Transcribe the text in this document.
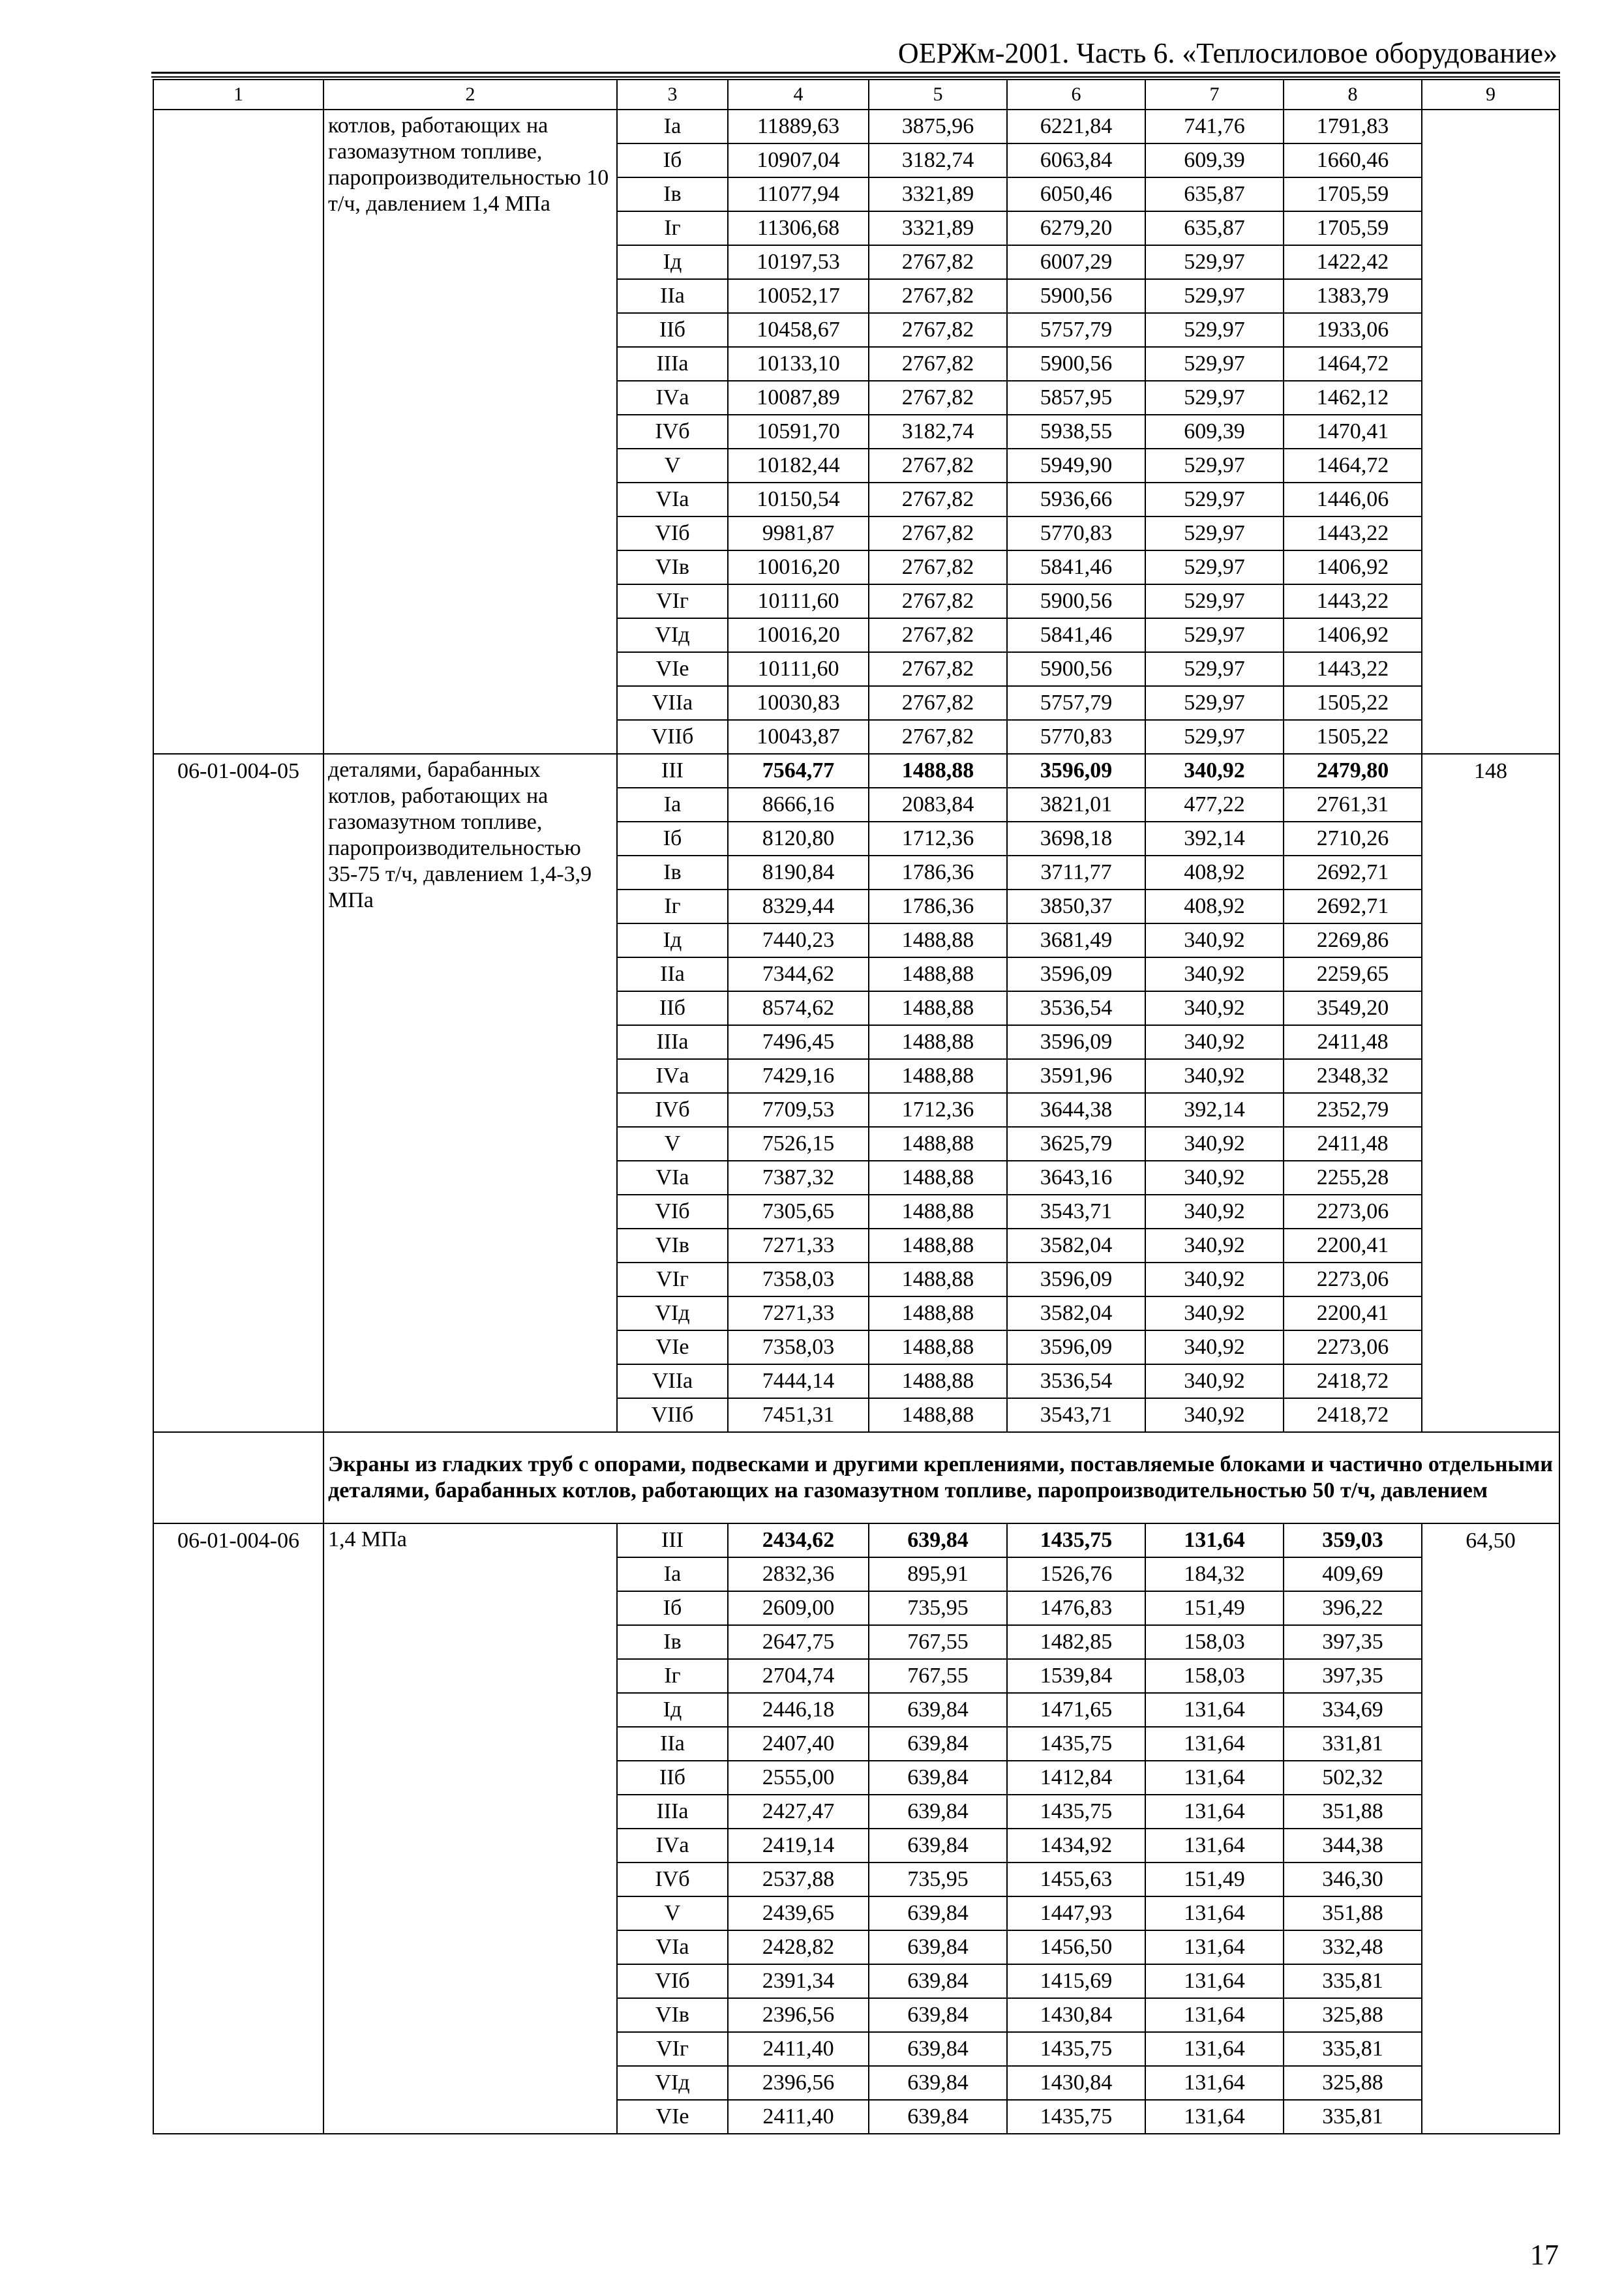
ОЕРЖм-2001. Часть 6. «Теплосиловое оборудование»
1	2	3	4	5	6	7	8	9
	котлов, работающих на газомазутном топливе, паропроизводительностью 10 т/ч, давлением 1,4 МПа	Iа	11889,63	3875,96	6221,84	741,76	1791,83	
		Iб	10907,04	3182,74	6063,84	609,39	1660,46	
		Iв	11077,94	3321,89	6050,46	635,87	1705,59	
		Iг	11306,68	3321,89	6279,20	635,87	1705,59	
		Iд	10197,53	2767,82	6007,29	529,97	1422,42	
		IIа	10052,17	2767,82	5900,56	529,97	1383,79	
		IIб	10458,67	2767,82	5757,79	529,97	1933,06	
		IIIа	10133,10	2767,82	5900,56	529,97	1464,72	
		IVа	10087,89	2767,82	5857,95	529,97	1462,12	
		IVб	10591,70	3182,74	5938,55	609,39	1470,41	
		V	10182,44	2767,82	5949,90	529,97	1464,72	
		VIа	10150,54	2767,82	5936,66	529,97	1446,06	
		VIб	9981,87	2767,82	5770,83	529,97	1443,22	
		VIв	10016,20	2767,82	5841,46	529,97	1406,92	
		VIг	10111,60	2767,82	5900,56	529,97	1443,22	
		VIд	10016,20	2767,82	5841,46	529,97	1406,92	
		VIе	10111,60	2767,82	5900,56	529,97	1443,22	
		VIIа	10030,83	2767,82	5757,79	529,97	1505,22	
		VIIб	10043,87	2767,82	5770,83	529,97	1505,22	
06-01-004-05	деталями, барабанных котлов, работающих на газомазутном топливе, паропроизводительностью 35-75 т/ч, давлением 1,4-3,9 МПа	III	7564,77	1488,88	3596,09	340,92	2479,80	148
		Iа	8666,16	2083,84	3821,01	477,22	2761,31	
		Iб	8120,80	1712,36	3698,18	392,14	2710,26	
		Iв	8190,84	1786,36	3711,77	408,92	2692,71	
		Iг	8329,44	1786,36	3850,37	408,92	2692,71	
		Iд	7440,23	1488,88	3681,49	340,92	2269,86	
		IIа	7344,62	1488,88	3596,09	340,92	2259,65	
		IIб	8574,62	1488,88	3536,54	340,92	3549,20	
		IIIа	7496,45	1488,88	3596,09	340,92	2411,48	
		IVа	7429,16	1488,88	3591,96	340,92	2348,32	
		IVб	7709,53	1712,36	3644,38	392,14	2352,79	
		V	7526,15	1488,88	3625,79	340,92	2411,48	
		VIа	7387,32	1488,88	3643,16	340,92	2255,28	
		VIб	7305,65	1488,88	3543,71	340,92	2273,06	
		VIв	7271,33	1488,88	3582,04	340,92	2200,41	
		VIг	7358,03	1488,88	3596,09	340,92	2273,06	
		VIд	7271,33	1488,88	3582,04	340,92	2200,41	
		VIе	7358,03	1488,88	3596,09	340,92	2273,06	
		VIIа	7444,14	1488,88	3536,54	340,92	2418,72	
		VIIб	7451,31	1488,88	3543,71	340,92	2418,72	
	Экраны из гладких труб с опорами, подвесками и другими креплениями, поставляемые блоками и частично отдельными деталями, барабанных котлов, работающих на газомазутном топливе, паропроизводительностью 50 т/ч, давлением							
06-01-004-06	1,4 МПа	III	2434,62	639,84	1435,75	131,64	359,03	64,50
		Iа	2832,36	895,91	1526,76	184,32	409,69	
		Iб	2609,00	735,95	1476,83	151,49	396,22	
		Iв	2647,75	767,55	1482,85	158,03	397,35	
		Iг	2704,74	767,55	1539,84	158,03	397,35	
		Iд	2446,18	639,84	1471,65	131,64	334,69	
		IIа	2407,40	639,84	1435,75	131,64	331,81	
		IIб	2555,00	639,84	1412,84	131,64	502,32	
		IIIа	2427,47	639,84	1435,75	131,64	351,88	
		IVа	2419,14	639,84	1434,92	131,64	344,38	
		IVб	2537,88	735,95	1455,63	151,49	346,30	
		V	2439,65	639,84	1447,93	131,64	351,88	
		VIа	2428,82	639,84	1456,50	131,64	332,48	
		VIб	2391,34	639,84	1415,69	131,64	335,81	
		VIв	2396,56	639,84	1430,84	131,64	325,88	
		VIг	2411,40	639,84	1435,75	131,64	335,81	
		VIд	2396,56	639,84	1430,84	131,64	325,88	
		VIе	2411,40	639,84	1435,75	131,64	335,81	
17
